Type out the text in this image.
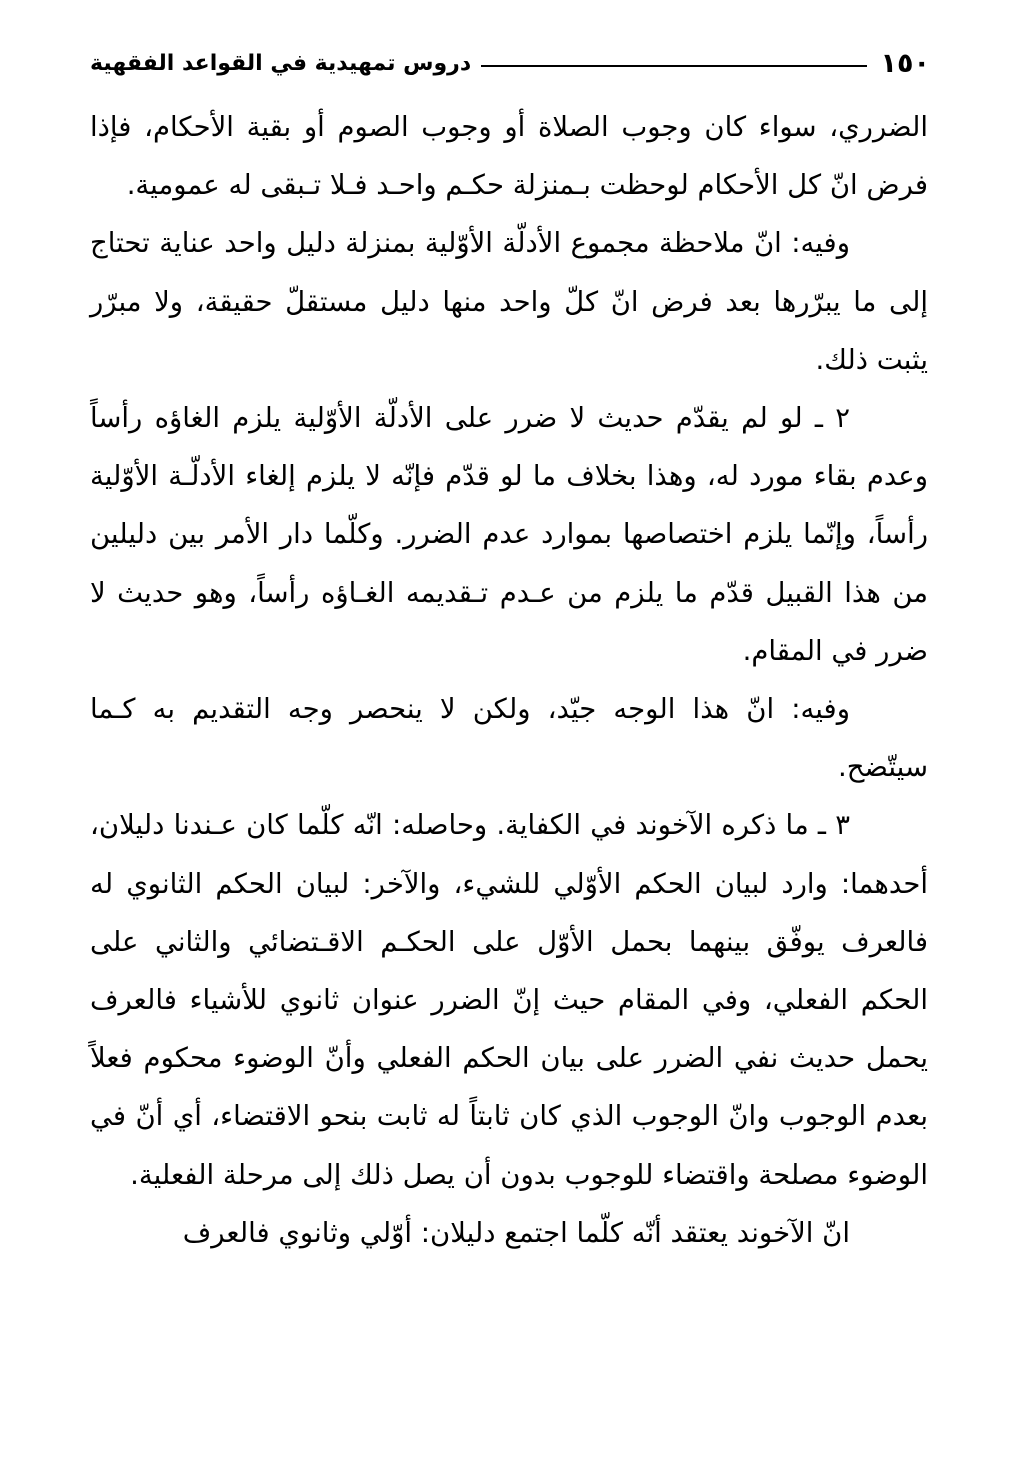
١٥٠
دروس تمهيدية في القواعد الفقهية

الضرري، سواء كان وجوب الصلاة أو وجوب الصوم أو بقية الأحكام، فإذا فرض انّ كل الأحكام لوحظت بـمنزلة حكـم واحـد فـلا تـبقى له عمومية.

وفيه: انّ ملاحظة مجموع الأدلّة الأوّلية بمنزلة دليل واحد عناية تحتاج إلى ما يبرّرها بعد فرض انّ كلّ واحد منها دليل مستقلّ حقيقة، ولا مبرّر يثبت ذلك.

٢ ـ لو لم يقدّم حديث لا ضرر على الأدلّة الأوّلية يلزم الغاؤه رأساً وعدم بقاء مورد له، وهذا بخلاف ما لو قدّم فإنّه لا يلزم إلغاء الأدلّـة الأوّلية رأساً، وإنّما يلزم اختصاصها بموارد عدم الضرر. وكلّما دار الأمر بين دليلين من هذا القبيل قدّم ما يلزم من عـدم تـقديمه الغـاؤه رأساً، وهو حديث لا ضرر في المقام.

وفيه: انّ هذا الوجه جيّد، ولكن لا ينحصر وجه التقديم به كـما سيتّضح.

٣ ـ ما ذكره الآخوند في الكفاية. وحاصله: انّه كلّما كان عـندنا دليلان، أحدهما: وارد لبيان الحكم الأوّلي للشيء، والآخر: لبيان الحكم الثانوي له فالعرف يوفّق بينهما بحمل الأوّل على الحكـم الاقـتضائي والثاني على الحكم الفعلي، وفي المقام حيث إنّ الضرر عنوان ثانوي للأشياء فالعرف يحمل حديث نفي الضرر على بيان الحكم الفعلي وأنّ الوضوء محكوم فعلاً بعدم الوجوب وانّ الوجوب الذي كان ثابتاً له ثابت بنحو الاقتضاء، أي أنّ في الوضوء مصلحة واقتضاء للوجوب بدون أن يصل ذلك إلى مرحلة الفعلية.

انّ الآخوند يعتقد أنّه كلّما اجتمع دليلان: أوّلي وثانوي فالعرف
